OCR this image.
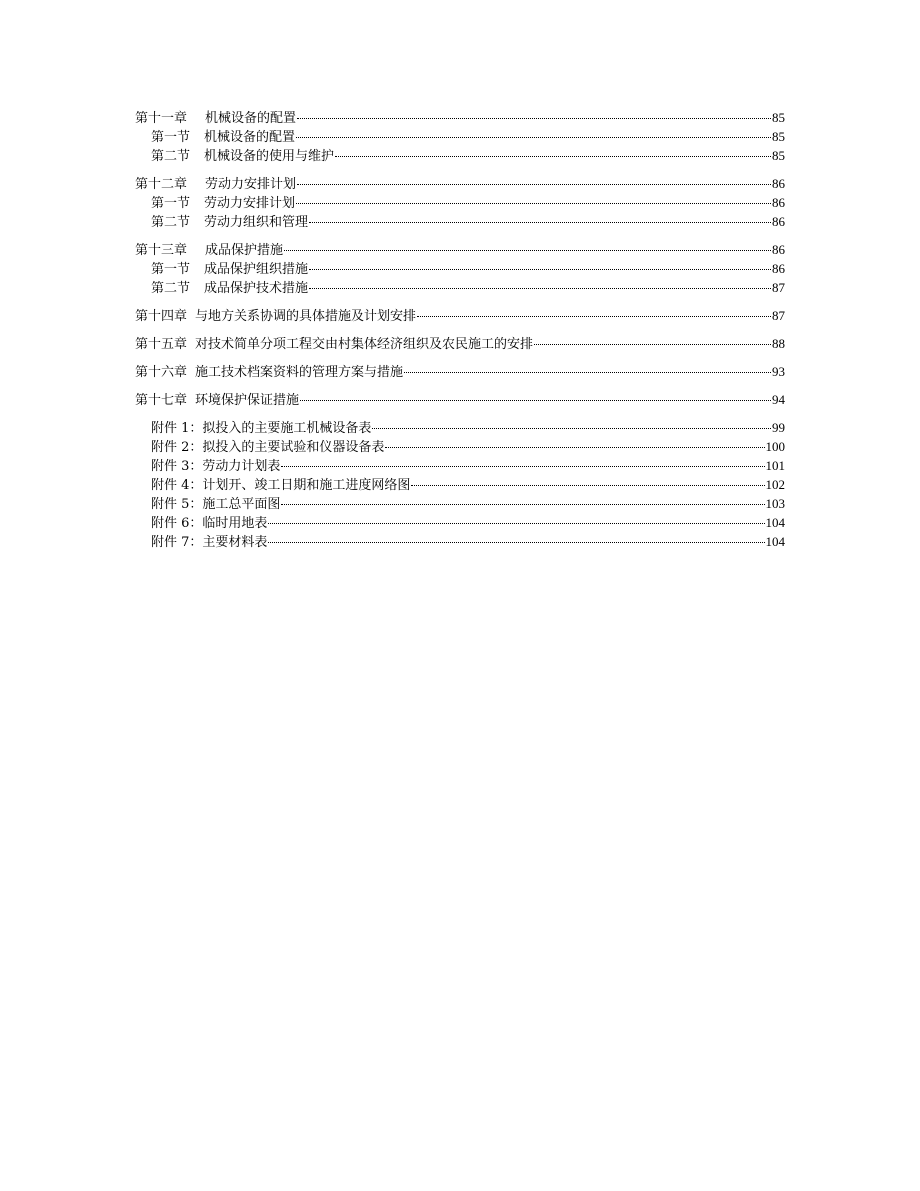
第十一章 机械设备的配置	85
第一节 机械设备的配置	85
第二节 机械设备的使用与维护	85
第十二章 劳动力安排计划	86
第一节 劳动力安排计划	86
第二节 劳动力组织和管理	86
第十三章 成品保护措施	86
第一节 成品保护组织措施	86
第二节 成品保护技术措施	87
第十四章 与地方关系协调的具体措施及计划安排	87
第十五章 对技术简单分项工程交由村集体经济组织及农民施工的安排	88
第十六章 施工技术档案资料的管理方案与措施	93
第十七章 环境保护保证措施	94
附件 1：拟投入的主要施工机械设备表	99
附件 2：拟投入的主要试验和仪器设备表	100
附件 3：劳动力计划表	101
附件 4：计划开、竣工日期和施工进度网络图	102
附件 5：施工总平面图	103
附件 6：临时用地表	104
附件 7：主要材料表	104
